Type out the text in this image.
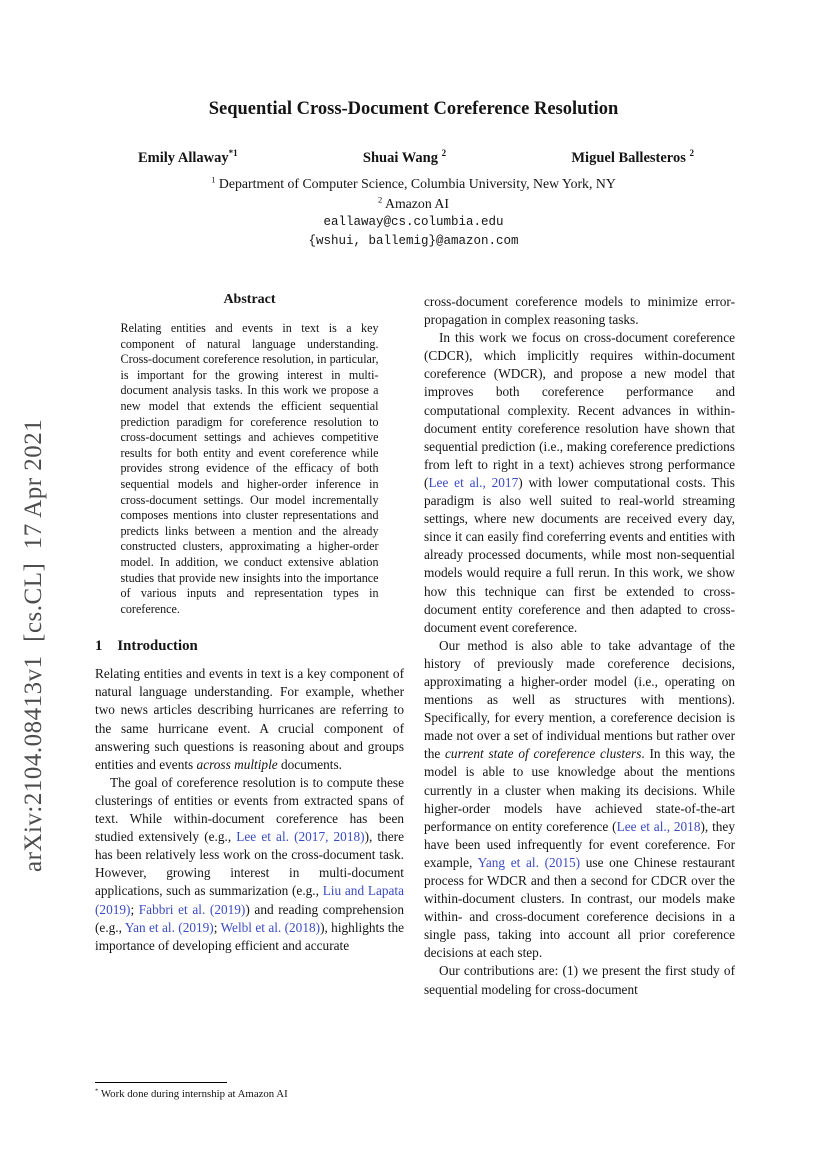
arXiv:2104.08413v1  [cs.CL]  17 Apr 2021
Sequential Cross-Document Coreference Resolution
Emily Allaway$^{*1}$	Shuai Wang $^2$	Miguel Ballesteros $^2$
$^1$ Department of Computer Science, Columbia University, New York, NY
$^2$ Amazon AI
eallaway@cs.columbia.edu
{wshui, ballemig}@amazon.com
Abstract
Relating entities and events in text is a key component of natural language understanding. Cross-document coreference resolution, in particular, is important for the growing interest in multi-document analysis tasks. In this work we propose a new model that extends the efficient sequential prediction paradigm for coreference resolution to cross-document settings and achieves competitive results for both entity and event coreference while provides strong evidence of the efficacy of both sequential models and higher-order inference in cross-document settings. Our model incrementally composes mentions into cluster representations and predicts links between a mention and the already constructed clusters, approximating a higher-order model. In addition, we conduct extensive ablation studies that provide new insights into the importance of various inputs and representation types in coreference.
1 Introduction

Relating entities and events in text is a key component of natural language understanding. For example, whether two news articles describing hurricanes are referring to the same hurricane event. A crucial component of answering such questions is reasoning about and groups entities and events across multiple documents.

The goal of coreference resolution is to compute these clusterings of entities or events from extracted spans of text. While within-document coreference has been studied extensively (e.g., Lee et al. (2017, 2018)), there has been relatively less work on the cross-document task. However, growing interest in multi-document applications, such as summarization (e.g., Liu and Lapata (2019); Fabbri et al. (2019)) and reading comprehension (e.g., Yan et al. (2019); Welbl et al. (2018)), highlights the importance of developing efficient and accurate

cross-document coreference models to minimize error-propagation in complex reasoning tasks.

In this work we focus on cross-document coreference (CDCR), which implicitly requires within-document coreference (WDCR), and propose a new model that improves both coreference performance and computational complexity. Recent advances in within-document entity coreference resolution have shown that sequential prediction (i.e., making coreference predictions from left to right in a text) achieves strong performance (Lee et al., 2017) with lower computational costs. This paradigm is also well suited to real-world streaming settings, where new documents are received every day, since it can easily find coreferring events and entities with already processed documents, while most non-sequential models would require a full rerun. In this work, we show how this technique can first be extended to cross-document entity coreference and then adapted to cross-document event coreference.

Our method is also able to take advantage of the history of previously made coreference decisions, approximating a higher-order model (i.e., operating on mentions as well as structures with mentions). Specifically, for every mention, a coreference decision is made not over a set of individual mentions but rather over the current state of coreference clusters. In this way, the model is able to use knowledge about the mentions currently in a cluster when making its decisions. While higher-order models have achieved state-of-the-art performance on entity coreference (Lee et al., 2018), they have been used infrequently for event coreference. For example, Yang et al. (2015) use one Chinese restaurant process for WDCR and then a second for CDCR over the within-document clusters. In contrast, our models make within- and cross-document coreference decisions in a single pass, taking into account all prior coreference decisions at each step.

Our contributions are: (1) we present the first study of sequential modeling for cross-document

* Work done during internship at Amazon AI
